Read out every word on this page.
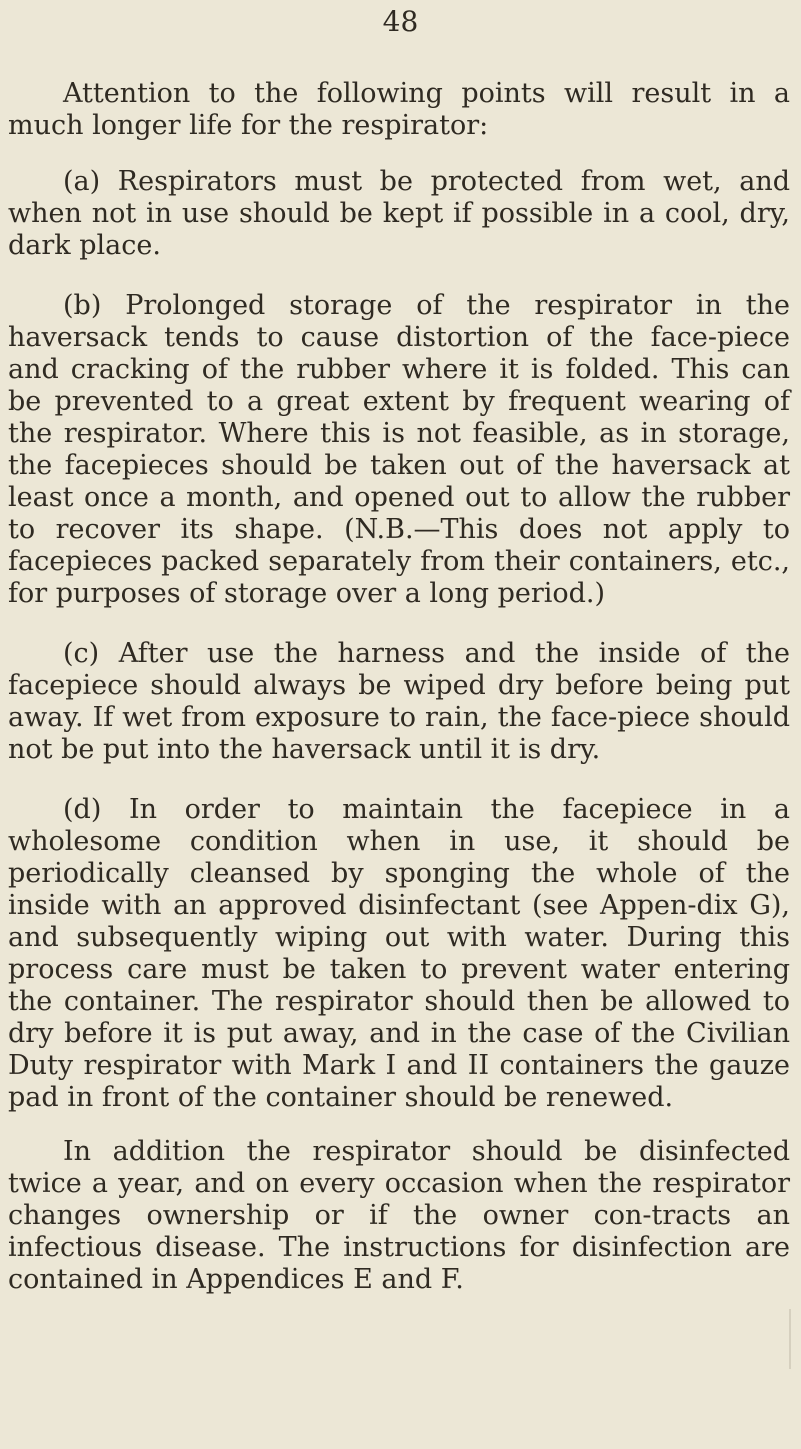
48

Attention to the following points will result in a much longer life for the respirator:

(a) Respirators must be protected from wet, and when not in use should be kept if possible in a cool, dry, dark place.

(b) Prolonged storage of the respirator in the haversack tends to cause distortion of the face-piece and cracking of the rubber where it is folded. This can be prevented to a great extent by frequent wearing of the respirator. Where this is not feasible, as in storage, the facepieces should be taken out of the haversack at least once a month, and opened out to allow the rubber to recover its shape. (N.B.—This does not apply to facepieces packed separately from their containers, etc., for purposes of storage over a long period.)

(c) After use the harness and the inside of the facepiece should always be wiped dry before being put away. If wet from exposure to rain, the face-piece should not be put into the haversack until it is dry.

(d) In order to maintain the facepiece in a wholesome condition when in use, it should be periodically cleansed by sponging the whole of the inside with an approved disinfectant (see Appen-dix G), and subsequently wiping out with water. During this process care must be taken to prevent water entering the container. The respirator should then be allowed to dry before it is put away, and in the case of the Civilian Duty respirator with Mark I and II containers the gauze pad in front of the container should be renewed.

In addition the respirator should be disinfected twice a year, and on every occasion when the respirator changes ownership or if the owner con-tracts an infectious disease. The instructions for disinfection are contained in Appendices E and F.
